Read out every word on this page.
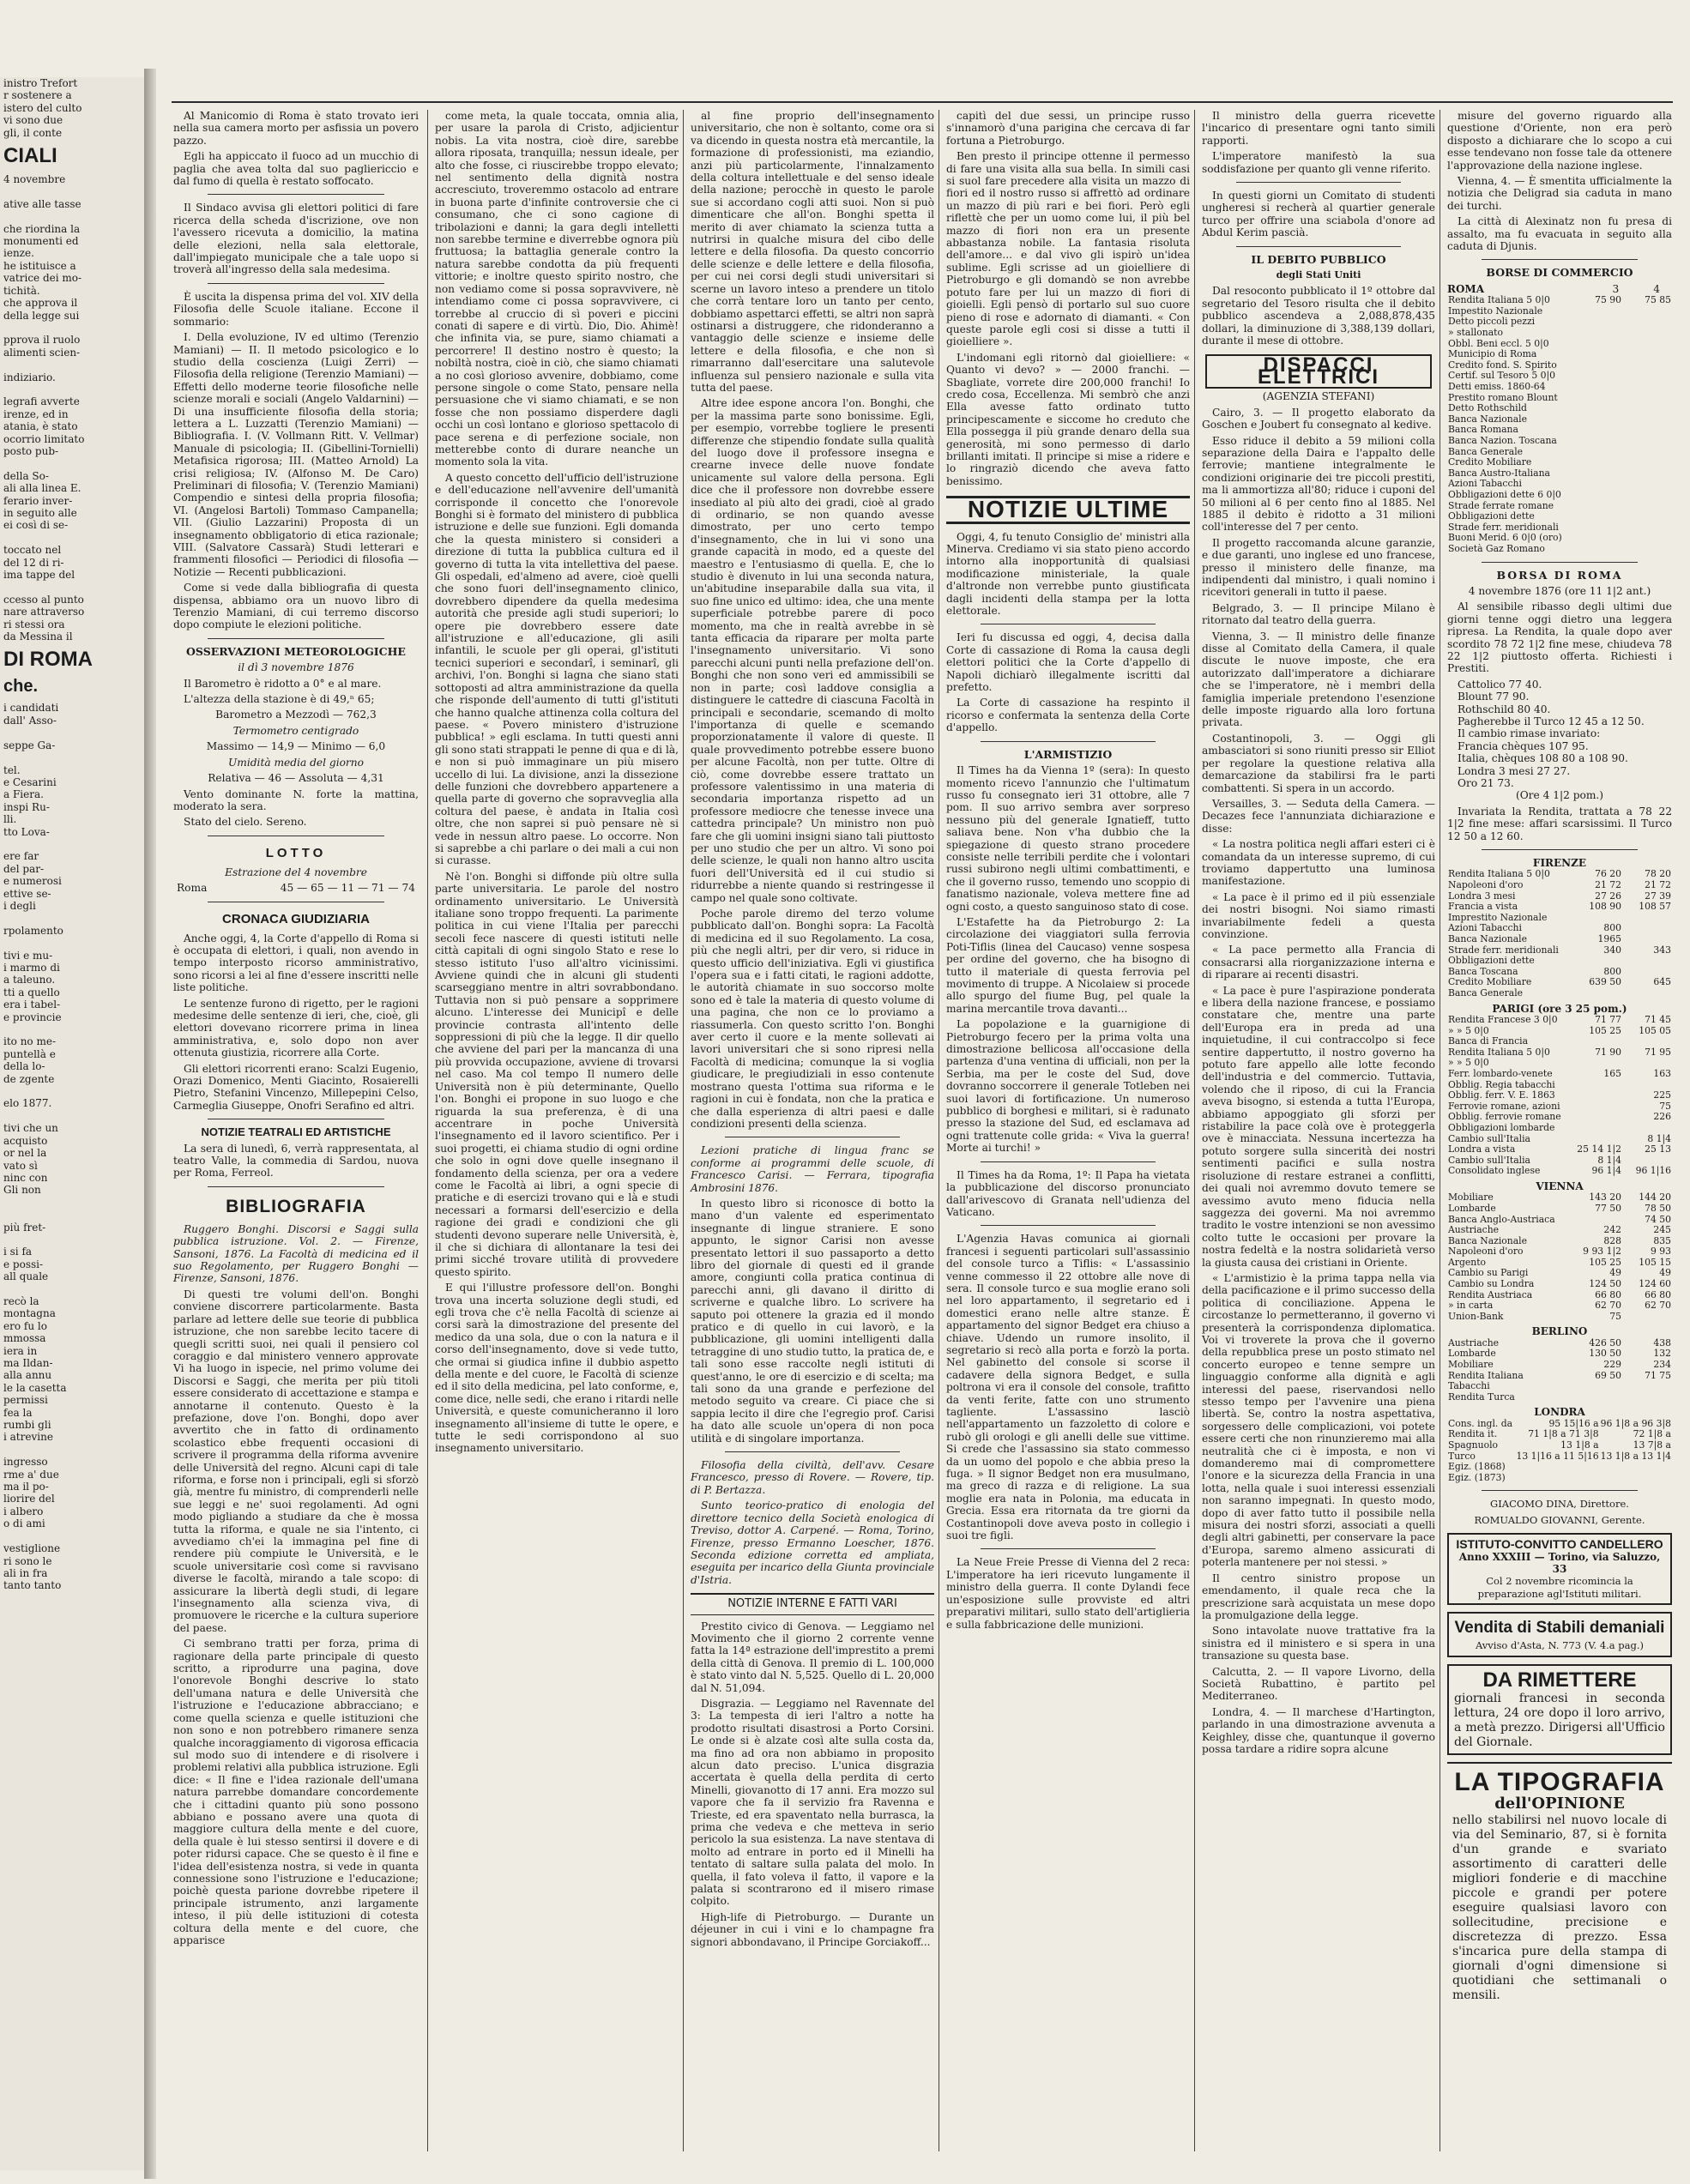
inistro Trefort
r sostenere a
istero del culto
vi sono due
gli, il conte
CIALI
4 novembre

ative alle tasse

che riordina la
monumenti ed
ienze.
he istituisce a
vatrice dei mo-
tichità.
che approva il
della legge sui

pprova il ruolo
alimenti scien-

indiziario.

legrafi avverte
irenze, ed in
atania, è stato
ocorrio limitato
posto pub-

della So-
ali alla linea E.
ferario inver-
in seguito alle
ei così di se-

toccato nel
del 12 di ri-
ima tappe del

ccesso al punto
nare attraverso
ri stessi ora
da Messina il
DI ROMA
che.
i candidati
dall' Asso-

seppe Ga-

tel.
e Cesarini
a Fiera.
inspi Ru-
lli.
tto Lova-

ere far
del par-
e numerosi
ettive se-
i degli

rpolamento

tivi e mu-
i marmo di
a taleuno.
tti a quello
era i tabel-
e provincie

ito no me-
puntellà e
della lo-
de zgente

elo 1877.

tivi che un
acquisto
or nel la
vato sì
ninc con
Gli non

più fret-

i si fa
e possi-
all quale

recò la
montagna
ero fu lo
mmossa
iera in
ma Ildan-
alla annu
le la casetta
permissi
fea la
rumbi gli
i atrevine

ingresso
rme a' due
ma il po-
liorire del
i albero
o di ami

vestiglione
ri sono le
ali in fra
tanto tanto

Al Manicomio di Roma è stato trovato ieri nella sua camera morto per asfissia un povero pazzo.

Egli ha appiccato il fuoco ad un mucchio di paglia che avea tolta dal suo pagliericcio e dal fumo di quella è restato soffocato.

Il Sindaco avvisa gli elettori politici di fare ricerca della scheda d'iscrizione, ove non l'avessero ricevuta a domicilio, la matina delle elezioni, nella sala elettorale, dall'impiegato municipale che a tale uopo si troverà all'ingresso della sala medesima.

È uscita la dispensa prima del vol. XIV della Filosofia delle Scuole italiane. Eccone il sommario:

I. Della evoluzione, IV ed ultimo (Terenzio Mamiani) — II. Il metodo psicologico e lo studio della coscienza (Luigi Zerri) — Filosofia della religione (Terenzio Mamiani) — Effetti dello moderne teorie filosofiche nelle scienze morali e sociali (Angelo Valdarnini) — Di una insufficiente filosofia della storia; lettera a L. Luzzatti (Terenzio Mamiani) — Bibliografia. I. (V. Vollmann Ritt. V. Vellmar) Manuale di psicologia; II. (Gibellini-Tornielli) Metafisica rigorosa; III. (Matteo Arnold) La crisi religiosa; IV. (Alfonso M. De Caro) Preliminari di filosofia; V. (Terenzio Mamiani) Compendio e sintesi della propria filosofia; VI. (Angelosi Bartoli) Tommaso Campanella; VII. (Giulio Lazzarini) Proposta di un insegnamento obbligatorio di etica razionale; VIII. (Salvatore Cassarà) Studi letterari e frammenti filosofici — Periodici di filosofia — Notizie — Recenti pubblicazioni.

Come si vede dalla bibliografia di questa dispensa, abbiamo ora un nuovo libro di Terenzio Mamiani, di cui terremo discorso dopo compiute le elezioni politiche.

OSSERVAZIONI METEOROLOGICHE

il dì 3 novembre 1876

Il Barometro è ridotto a 0° e al mare.

L'altezza della stazione è di 49,ⁿ 65;

Barometro a Mezzodì — 762,3

Termometro centigrado

Massimo — 14,9 — Minimo — 6,0

Umidità media del giorno

Relativa — 46 — Assoluta — 4,31

Vento dominante N. forte la mattina, moderato la sera.

Stato del cielo. Sereno.

LOTTO

Estrazione del 4 novembre

Roma	45 — 65 — 11 — 71 — 74
CRONACA GIUDIZIARIA

Anche oggi, 4, la Corte d'appello di Roma si è occupata di elettori, i quali, non avendo in tempo interposto ricorso amministrativo, sono ricorsi a lei al fine d'essere inscritti nelle liste politiche.

Le sentenze furono di rigetto, per le ragioni medesime delle sentenze di ieri, che, cioè, gli elettori dovevano ricorrere prima in linea amministrativa, e, solo dopo non aver ottenuta giustizia, ricorrere alla Corte.

Gli elettori ricorrenti erano: Scalzi Eugenio, Orazi Domenico, Menti Giacinto, Rosaierelli Pietro, Stefanini Vincenzo, Millepepini Celso, Carmeglia Giuseppe, Onofri Serafino ed altri.

NOTIZIE TEATRALI ED ARTISTICHE

La sera di lunedì, 6, verrà rappresentata, al teatro Valle, la commedia di Sardou, nuova per Roma, Ferreol.

BIBLIOGRAFIA

Ruggero Bonghi. Discorsi e Saggi sulla pubblica istruzione. Vol. 2. — Firenze, Sansoni, 1876. La Facoltà di medicina ed il suo Regolamento, per Ruggero Bonghi — Firenze, Sansoni, 1876.

Di questi tre volumi dell'on. Bonghi conviene discorrere particolarmente. Basta parlare ad lettere delle sue teorie di pubblica istruzione, che non sarebbe lecito tacere di quegli scritti suoi, nei quali il pensiero col coraggio e dal ministero vennero approvate Vi ha luogo in ispecie, nel primo volume dei Discorsi e Saggi, che merita per più titoli essere considerato di accettazione e stampa e annotarne il contenuto. Questo è la prefazione, dove l'on. Bonghi, dopo aver avvertito che in fatto di ordinamento scolastico ebbe frequenti occasioni di scrivere il programma della riforma avvenire delle Università del regno. Alcuni capi di tale riforma, e forse non i principali, egli si sforzò già, mentre fu ministro, di comprenderli nelle sue leggi e ne' suoi regolamenti. Ad ogni modo pigliando a studiare da che è mossa tutta la riforma, e quale ne sia l'intento, ci avvediamo ch'ei la immagina pel fine di rendere più compiute le Università, e le scuole universitarie così come si ravvisano diverse le facoltà, mirando a tale scopo: di assicurare la libertà degli studi, di legare l'insegnamento alla scienza viva, di promuovere le ricerche e la cultura superiore del paese.

Ci sembrano tratti per forza, prima di ragionare della parte principale di questo scritto, a riprodurre una pagina, dove l'onorevole Bonghi descrive lo stato dell'umana natura e delle Università che l'istruzione e l'educazione abbracciano; e come quella scienza e quelle istituzioni che non sono e non potrebbero rimanere senza qualche incoraggiamento di vigorosa efficacia sul modo suo di intendere e di risolvere i problemi relativi alla pubblica istruzione. Egli dice: « Il fine e l'idea razionale dell'umana natura parrebbe domandare concordemente che i cittadini quanto più sono possono abbiano e possano avere una quota di maggiore cultura della mente e del cuore, della quale è lui stesso sentirsi il dovere e di poter ridursi capace. Che se questo è il fine e l'idea dell'esistenza nostra, si vede in quanta connessione sono l'istruzione e l'educazione; poichè questa parione dovrebbe ripetere il principale istrumento, anzi largamente inteso, il più delle istituzioni di cotesta coltura della mente e del cuore, che apparisce

come meta, la quale toccata, omnia alia, per usare la parola di Cristo, adjicientur nobis. La vita nostra, cioè dire, sarebbe allora riposata, tranquilla; nessun ideale, per alto che fosse, ci riuscirebbe troppo elevato; nel sentimento della dignità nostra accresciuto, troveremmo ostacolo ad entrare in buona parte d'infinite controversie che ci consumano, che ci sono cagione di tribolazioni e danni; la gara degli intelletti non sarebbe termine e diverrebbe ognora più fruttuosa; la battaglia generale contro la natura sarebbe condotta da più frequenti vittorie; e inoltre questo spirito nostro, che non vediamo come si possa sopravvivere, nè intendiamo come ci possa sopravvivere, ci torrebbe al cruccio di sì poveri e piccini conati di sapere e di virtù. Dio, Dio. Ahimè! che infinita via, se pure, siamo chiamati a percorrere! Il destino nostro è questo; la nobiltà nostra, cioè in ciò, che siamo chiamati a no così glorioso avvenire, dobbiamo, come persone singole o come Stato, pensare nella persuasione che vi siamo chiamati, e se non fosse che non possiamo disperdere dagli occhi un così lontano e glorioso spettacolo di pace serena e di perfezione sociale, non metterebbe conto di durare neanche un momento sola la vita.

A questo concetto dell'ufficio dell'istruzione e dell'educazione nell'avvenire dell'umanità corrisponde il concetto che l'onorevole Bonghi si è formato del ministero di pubblica istruzione e delle sue funzioni. Egli domanda che la questa ministero si consideri a direzione di tutta la pubblica cultura ed il governo di tutta la vita intellettiva del paese. Gli ospedali, ed'almeno ad avere, cioè quelli che sono fuori dell'insegnamento clinico, dovrebbero dipendere da quella medesima autorità che preside agli studi superiori; lo opere pie dovrebbero essere date all'istruzione e all'educazione, gli asili infantili, le scuole per gli operai, gl'istituti tecnici superiori e secondarî, i seminarî, gli archivi, l'on. Bonghi si lagna che siano stati sottoposti ad altra amministrazione da quella che risponde dell'aumento di tutti gl'istituti che hanno qualche attinenza colla coltura del paese. « Povero ministero d'istruzione pubblica! » egli esclama. In tutti questi anni gli sono stati strappati le penne di qua e di là, e non si può immaginare un più misero uccello di lui. La divisione, anzi la dissezione delle funzioni che dovrebbero appartenere a quella parte di governo che sopravveglia alla coltura del paese, è andata in Italia così oltre, che non saprei si può pensare nè si vede in nessun altro paese. Lo occorre. Non si saprebbe a chi parlare o dei mali a cui non si curasse.

Nè l'on. Bonghi si diffonde più oltre sulla parte universitaria. Le parole del nostro ordinamento universitario. Le Università italiane sono troppo frequenti. La parimente politica in cui viene l'Italia per parecchi secoli fece nascere di questi istituti nelle città capitali di ogni singolo Stato e rese lo stesso istituto l'uso all'altro vicinissimi. Avviene quindi che in alcuni gli studenti scarseggiano mentre in altri sovrabbondano. Tuttavia non si può pensare a sopprimere alcuno. L'interesse dei Municipî e delle provincie contrasta all'intento delle soppressioni di più che la legge. Il dir quello che avviene del pari per la mancanza di una più provvida occupazione, avviene di trovarsi nel caso. Ma col tempo Il numero delle Università non è più determinante, Quello l'on. Bonghi ei propone in suo luogo e che riguarda la sua preferenza, è di una accentrare in poche Università l'insegnamento ed il lavoro scientifico. Per i suoi progetti, ei chiama studio di ogni ordine che solo in ogni dove quelle insegnano il fondamento della scienza, per ora a vedere come le Facoltà ai libri, a ogni specie di pratiche e di esercizi trovano qui e là e studi necessari a formarsi dell'esercizio e della ragione dei gradi e condizioni che gli studenti devono superare nelle Università, è, il che si dichiara di allontanare la tesi dei primi sicché trovare utilità di provvedere questo spirito.

E qui l'illustre professore dell'on. Bonghi trova una incerta soluzione degli studi, ed egli trova che c'è nella Facoltà di scienze ai corsi sarà la dimostrazione del presente del medico da una sola, due o con la natura e il corso dell'insegnamento, dove si vede tutto, che ormai si giudica infine il dubbio aspetto della mente e del cuore, le Facoltà di scienze ed il sito della medicina, pel lato conforme, e, come dice, nelle sedi, che erano i ritardi nelle Università, e queste comunicheranno il loro insegnamento all'insieme di tutte le opere, e tutte le sedi corrispondono al suo insegnamento universitario.

al fine proprio dell'insegnamento universitario, che non è soltanto, come ora si va dicendo in questa nostra età mercantile, la formazione di professionisti, ma eziandio, anzi più particolarmente, l'innalzamento della coltura intellettuale e del senso ideale della nazione; perocchè in questo le parole sue si accordano cogli atti suoi. Non si può dimenticare che all'on. Bonghi spetta il merito di aver chiamato la scienza tutta a nutrirsi in qualche misura del cibo delle lettere e della filosofia. Da questo concorrio delle scienze e delle lettere e della filosofia, per cui nei corsi degli studi universitari si scerne un lavoro inteso a prendere un titolo che corrà tentare loro un tanto per cento, dobbiamo aspettarci effetti, se altri non saprà ostinarsi a distruggere, che ridonderanno a vantaggio delle scienze e insieme delle lettere e della filosofia, e che non sì rimarranno dall'esercitare una salutevole influenza sul pensiero nazionale e sulla vita tutta del paese.

Altre idee espone ancora l'on. Bonghi, che per la massima parte sono bonissime. Egli, per esempio, vorrebbe togliere le presenti differenze che stipendio fondate sulla qualità del luogo dove il professore insegna e crearne invece delle nuove fondate unicamente sul valore della persona. Egli dice che il professore non dovrebbe essere insediato al più alto dei gradi, cioè al grado di ordinario, se non quando avesse dimostrato, per uno certo tempo d'insegnamento, che in lui vi sono una grande capacità in modo, ed a queste del maestro e l'entusiasmo di quella. E, che lo studio è divenuto in lui una seconda natura, un'abitudine inseparabile dalla sua vita, il suo fine unico ed ultimo: idea, che una mente superficiale potrebbe parere di poco momento, ma che in realtà avrebbe in sè tanta efficacia da riparare per molta parte l'insegnamento universitario. Vi sono parecchi alcuni punti nella prefazione dell'on. Bonghi che non sono veri ed ammissibili se non in parte; così laddove consiglia a distinguere le cattedre di ciascuna Facoltà in principali e secondarie, scemando di molto l'importanza di quelle e scemando proporzionatamente il valore di queste. Il quale provvedimento potrebbe essere buono per alcune Facoltà, non per tutte. Oltre di ciò, come dovrebbe essere trattato un professore valentissimo in una materia di secondaria importanza rispetto ad un professore mediocre che tenesse invece una cattedra principale? Un ministro non può fare che gli uomini insigni siano tali piuttosto per uno studio che per un altro. Vi sono poi delle scienze, le quali non hanno altro uscita fuori dell'Università ed il cui studio si ridurrebbe a niente quando si restringesse il campo nel quale sono coltivate.

Poche parole diremo del terzo volume pubblicato dall'on. Bonghi sopra: La Facoltà di medicina ed il suo Regolamento. La cosa, più che negli altri, per dir vero, si riduce in questo ufficio dell'iniziativa. Egli vi giustifica l'opera sua e i fatti citati, le ragioni addotte, le autorità chiamate in suo soccorso molte sono ed è tale la materia di questo volume di una pagina, che non ce lo proviamo a riassumerla. Con questo scritto l'on. Bonghi aver certo il cuore e la mente sollevati ai lavori universitari che si sono ripresi nella Facoltà di medicina; comunque la si voglia giudicare, le pregiudiziali in esso contenute mostrano questa l'ottima sua riforma e le ragioni in cui è fondata, non che la pratica e che dalla esperienza di altri paesi e dalle condizioni presenti della scienza.

Lezioni pratiche di lingua franc se conforme ai programmi delle scuole, di Francesco Carisi. — Ferrara, tipografia Ambrosini 1876.

In questo libro si riconosce di botto la mano d'un valente ed esperimentato insegnante di lingue straniere. E sono appunto, le signor Carisi non avesse presentato lettori il suo passaporto a detto libro del giornale di questi ed il grande amore, congiunti colla pratica continua di parecchi anni, gli davano il diritto di scriverne e qualche libro. Lo scrivere ha saputo poi ottenere la grazia ed il mondo pratico e di quello in cui lavorò, e la pubblicazione, gli uomini intelligenti dalla tetraggine di uno studio tutto, la pratica de, e tali sono esse raccolte negli istituti di quest'anno, le ore di esercizio e di scelta; ma tali sono da una grande e perfezione del metodo seguito va creare. Ci piace che si sappia lecito il dire che l'egregio prof. Carisi ha dato alle scuole un'opera di non poca utilità e di singolare importanza.

Filosofia della civiltà, dell'avv. Cesare Francesco, presso di Rovere. — Rovere, tip. di P. Bertazza.

Sunto teorico-pratico di enologia del direttore tecnico della Società enologica di Treviso, dottor A. Carpené. — Roma, Torino, Firenze, presso Ermanno Loescher, 1876. Seconda edizione corretta ed ampliata, eseguita per incarico della Giunta provinciale d'Istria.

NOTIZIE INTERNE E FATTI VARI

Prestito civico di Genova. — Leggiamo nel Movimento che il giorno 2 corrente venne fatta la 14ª estrazione dell'imprestito a premi della città di Genova. Il premio di L. 100,000 è stato vinto dal N. 5,525. Quello di L. 20,000 dal N. 51,094.

Disgrazia. — Leggiamo nel Ravennate del 3: La tempesta di ieri l'altro a notte ha prodotto risultati disastrosi a Porto Corsini. Le onde si è alzate così alte sulla costa da, ma fino ad ora non abbiamo in proposito alcun dato preciso. L'unica disgrazia accertata è quella della perdita di certo Minelli, giovanotto di 17 anni. Era mozzo sul vapore che fa il servizio fra Ravenna e Trieste, ed era spaventato nella burrasca, la prima che vedeva e che metteva in serio pericolo la sua esistenza. La nave stentava di molto ad entrare in porto ed il Minelli ha tentato di saltare sulla palata del molo. In quella, il fato voleva il fatto, il vapore e la palata si scontrarono ed il misero rimase colpito.

High-life di Pietroburgo. — Durante un déjeuner in cui i vini e lo champagne fra signori abbondavano, il Principe Gorciakoff...

capitì del due sessi, un principe russo s'innamorò d'una parigina che cercava di far fortuna a Pietroburgo.

Ben presto il principe ottenne il permesso di fare una visita alla sua bella. In simili casi si suol fare precedere alla visita un mazzo di fiori ed il nostro russo si affrettò ad ordinare un mazzo di più rari e bei fiori. Però egli riflettè che per un uomo come lui, il più bel mazzo di fiori non era un presente abbastanza nobile. La fantasia risoluta dell'amore... e dal vivo gli ispirò un'idea sublime. Egli scrisse ad un gioielliere di Pietroburgo e gli domandò se non avrebbe potuto fare per lui un mazzo di fiori di gioielli. Egli pensò di portarlo sul suo cuore pieno di rose e adornato di diamanti. « Con queste parole egli cosi si disse a tutti il gioielliere ».

L'indomani egli ritornò dal gioielliere: « Quanto vi devo? » — 2000 franchi. — Sbagliate, vorrete dire 200,000 franchi! Io credo cosa, Eccellenza. Mi sembrò che anzi Ella avesse fatto ordinato tutto principescamente e siccome ho creduto che Ella possegga il più grande denaro della sua generosità, mi sono permesso di darlo brillanti imitati. Il principe si mise a ridere e lo ringraziò dicendo che aveva fatto benissimo.

NOTIZIE ULTIME

Oggi, 4, fu tenuto Consiglio de' ministri alla Minerva. Crediamo vi sia stato pieno accordo intorno alla inopportunità di qualsiasi modificazione ministeriale, la quale d'altronde non verrebbe punto giustificata dagli incidenti della stampa per la lotta elettorale.

Ieri fu discussa ed oggi, 4, decisa dalla Corte di cassazione di Roma la causa degli elettori politici che la Corte d'appello di Napoli dichiarò illegalmente iscritti dal prefetto.

La Corte di cassazione ha respinto il ricorso e confermata la sentenza della Corte d'appello.

L'ARMISTIZIO

Il Times ha da Vienna 1º (sera): In questo momento ricevo l'annunzio che l'ultimatum russo fu consegnato ieri 31 ottobre, alle 7 pom. Il suo arrivo sembra aver sorpreso nessuno più del generale Ignatieff, tutto saliava bene. Non v'ha dubbio che la spiegazione di questo strano procedere consiste nelle terribili perdite che i volontari russi subirono negli ultimi combattimenti, e che il governo russo, temendo uno scoppio di fanatismo nazionale, voleva mettere fine ad ogni costo, a questo sanguinoso stato di cose.

L'Estafette ha da Pietroburgo 2: La circolazione dei viaggiatori sulla ferrovia Poti-Tiflis (linea del Caucaso) venne sospesa per ordine del governo, che ha bisogno di tutto il materiale di questa ferrovia pel movimento di truppe. A Nicolaiew si procede allo spurgo del fiume Bug, pel quale la marina mercantile trova davanti...

La popolazione e la guarnigione di Pietroburgo fecero per la prima volta una dimostrazione bellicosa all'occasione della partenza d'una ventina di ufficiali, non per la Serbia, ma per le coste del Sud, dove dovranno soccorrere il generale Totleben nei suoi lavori di fortificazione. Un numeroso pubblico di borghesi e militari, si è radunato presso la stazione del Sud, ed esclamava ad ogni trattenute colle grida: « Viva la guerra! Morte ai turchi! »

Il Times ha da Roma, 1º: Il Papa ha vietata la pubblicazione del discorso pronunciato dall'arivescovo di Granata nell'udienza del Vaticano.

L'Agenzia Havas comunica ai giornali francesi i seguenti particolari sull'assassinio del console turco a Tiflis: « L'assassinio venne commesso il 22 ottobre alle nove di sera. Il console turco e sua moglie erano soli nel loro appartamento, il segretario ed i domestici erano nelle altre stanze. È appartamento del signor Bedget era chiuso a chiave. Udendo un rumore insolito, il segretario si recò alla porta e forzò la porta. Nel gabinetto del console si scorse il cadavere della signora Bedget, e sulla poltrona vi era il console del console, trafitto da venti ferite, fatte con uno strumento tagliente. L'assassino lasciò nell'appartamento un fazzoletto di colore e rubò gli orologi e gli anelli delle sue vittime. Si crede che l'assassino sia stato commesso da un uomo del popolo e che abbia preso la fuga. » Il signor Bedget non era musulmano, ma greco di razza e di religione. La sua moglie era nata in Polonia, ma educata in Grecia. Essa era ritornata da tre giorni da Costantinopoli dove aveva posto in collegio i suoi tre figli.

La Neue Freie Presse di Vienna del 2 reca: L'imperatore ha ieri ricevuto lungamente il ministro della guerra. Il conte Dylandi fece un'esposizione sulle provviste ed altri preparativi militari, sullo stato dell'artiglieria e sulla fabbricazione delle munizioni.

Il ministro della guerra ricevette l'incarico di presentare ogni tanto simili rapporti.

L'imperatore manifestò la sua soddisfazione per quanto gli venne riferito.

In questi giorni un Comitato di studenti ungheresi si recherà al quartier generale turco per offrire una sciabola d'onore ad Abdul Kerim pascià.

IL DEBITO PUBBLICO

degli Stati Uniti

Dal resoconto pubblicato il 1º ottobre dal segretario del Tesoro risulta che il debito pubblico ascendeva a 2,088,878,435 dollari, la diminuzione di 3,388,139 dollari, durante il mese di ottobre.

DISPACCI ELETTRICI

(AGENZIA STEFANI)

Cairo, 3. — Il progetto elaborato da Goschen e Joubert fu consegnato al kedive.

Esso riduce il debito a 59 milioni colla separazione della Daira e l'appalto delle ferrovie; mantiene integralmente le condizioni originarie dei tre piccoli prestiti, ma li ammortizza all'80; riduce i cuponi del 50 milioni al 6 per cento fino al 1885. Nel 1885 il debito è ridotto a 31 milioni coll'interesse del 7 per cento.

Il progetto raccomanda alcune garanzie, e due garanti, uno inglese ed uno francese, presso il ministero delle finanze, ma indipendenti dal ministro, i quali nomino i ricevitori generali in tutto il paese.

Belgrado, 3. — Il principe Milano è ritornato dal teatro della guerra.

Vienna, 3. — Il ministro delle finanze disse al Comitato della Camera, il quale discute le nuove imposte, che era autorizzato dall'imperatore a dichiarare che se l'imperatore, nè i membri della famiglia imperiale pretendono l'esenzione delle imposte riguardo alla loro fortuna privata.

Costantinopoli, 3. — Oggi gli ambasciatori si sono riuniti presso sir Elliot per regolare la questione relativa alla demarcazione da stabilirsi fra le parti combattenti. Si spera in un accordo.

Versailles, 3. — Seduta della Camera. — Decazes fece l'annunziata dichiarazione e disse:

« La nostra politica negli affari esteri ci è comandata da un interesse supremo, di cui troviamo dappertutto una luminosa manifestazione.

« La pace è il primo ed il più essenziale dei nostri bisogni. Noi siamo rimasti invariabilmente fedeli a questa convinzione.

« La pace permetto alla Francia di consacrarsi alla riorganizzazione interna e di riparare ai recenti disastri.

« La pace è pure l'aspirazione ponderata e libera della nazione francese, e possiamo constatare che, mentre una parte dell'Europa era in preda ad una inquietudine, il cui contraccolpo si fece sentire dappertutto, il nostro governo ha potuto fare appello alle lotte fecondo dell'industria e del commercio. Tuttavia, volendo che il riposo, di cui la Francia aveva bisogno, si estenda a tutta l'Europa, abbiamo appoggiato gli sforzi per ristabilire la pace colà ove è proteggerla ove è minacciata. Nessuna incertezza ha potuto sorgere sulla sincerità dei nostri sentimenti pacifici e sulla nostra risoluzione di restare estranei a conflitti, dei quali noi avremmo dovuto temere se avessimo avuto meno fiducia nella saggezza dei governi. Ma noi avremmo tradito le vostre intenzioni se non avessimo colto tutte le occasioni per provare la nostra fedeltà e la nostra solidarietà verso la giusta causa dei cristiani in Oriente.

« L'armistizio è la prima tappa nella via della pacificazione e il primo successo della politica di conciliazione. Appena le circostanze lo permetteranno, il governo vi presenterà la corrispondenza diplomatica. Voi vi troverete la prova che il governo della repubblica prese un posto stimato nel concerto europeo e tenne sempre un linguaggio conforme alla dignità e agli interessi del paese, riservandosi nello stesso tempo per l'avvenire una piena libertà. Se, contro la nostra aspettativa, sorgessero delle complicazioni, voi potete essere certi che non rinunzieremo mai alla neutralità che ci è imposta, e non vi domanderemo mai di compromettere l'onore e la sicurezza della Francia in una lotta, nella quale i suoi interessi essenziali non saranno impegnati. In questo modo, dopo di aver fatto tutto il possibile nella misura dei nostri sforzi, associati a quelli degli altri gabinetti, per conservare la pace d'Europa, saremo almeno assicurati di poterla mantenere per noi stessi. »

Il centro sinistro propose un emendamento, il quale reca che la prescrizione sarà acquistata un mese dopo la promulgazione della legge.

Sono intavolate nuove trattative fra la sinistra ed il ministero e si spera in una transazione su questa base.

Calcutta, 2. — Il vapore Livorno, della Società Rubattino, è partito pel Mediterraneo.

Londra, 4. — Il marchese d'Hartington, parlando in una dimostrazione avvenuta a Keighley, disse che, quantunque il governo possa tardare a ridire sopra alcune

misure del governo riguardo alla questione d'Oriente, non era però disposto a dichiarare che lo scopo a cui esse tendevano non fosse tale da ottenere l'approvazione della nazione inglese.

Vienna, 4. — È smentita ufficialmente la notizia che Deligrad sia caduta in mano dei turchi.

La città di Alexinatz non fu presa di assalto, ma fu evacuata in seguito alla caduta di Djunis.

BORSE DI COMMERCIO
ROMA	3	4
Rendita Italiana 5 0|0	75 90	75 85
Impestito Nazionale		
Detto piccoli pezzi		
» stallonato		
Obbl. Beni eccl. 5 0|0		
Municipio di Roma		
Credito fond. S. Spirito		
Certif. sul Tesoro 5 0|0		
Detti emiss. 1860-64		
Prestito romano Blount		
Detto Rothschild		
Banca Nazionale		
Banca Romana		
Banca Nazion. Toscana		
Banca Generale		
Credito Mobiliare		
Banca Austro-Italiana		
Azioni Tabacchi		
Obbligazioni dette 6 0|0		
Strade ferrate romane		
Obbligazioni dette		
Strade ferr. meridionali		
Buoni Merid. 6 0|0 (oro)		
Società Gaz Romano		
BORSA DI ROMA

4 novembre 1876 (ore 11 1|2 ant.)

Al sensibile ribasso degli ultimi due giorni tenne oggi dietro una leggera ripresa. La Rendita, la quale dopo aver scordito 78 72 1|2 fine mese, chiudeva 78 22 1|2 piuttosto offerta. Richiesti i Prestiti.

Cattolico 77 40.

Blount 77 90.

Rothschild 80 40.

Pagherebbe il Turco 12 45 a 12 50.

Il cambio rimase invariato:

Francia chèques 107 95.

Italia, chèques 108 80 a 108 90.

Londra 3 mesi 27 27.

Oro 21 73.

(Ore 4 1|2 pom.)

Invariata la Rendita, trattata a 78 22 1|2 fine mese: affari scarsissimi. Il Turco 12 50 a 12 60.

FIRENZE
Rendita Italiana 5 0|0	76 20	78 20
Napoleoni d'oro	21 72	21 72
Londra 3 mesi	27 26	27 39
Francia a vista	108 90	108 57
Imprestito Nazionale		
Azioni Tabacchi	800	
Banca Nazionale	1965	
Strade ferr. meridionali	340	343
Obbligazioni dette		
Banca Toscana	800	
Credito Mobiliare	639 50	645
Banca Generale		
PARIGI (ore 3 25 pom.)
Rendita Francese 3 0|0	71 77	71 45
» » 5 0|0	105 25	105 05
Banca di Francia		
Rendita Italiana 5 0|0	71 90	71 95
» » 5 0|0		
Ferr. lombardo-venete	165	163
Obblig. Regia tabacchi		
Obblig. ferr. V. E. 1863		225
Ferrovie romane, azioni		75
Obblig. ferrovie romane		226
Obbligazioni lombarde		
Cambio sull'Italia		8 1|4
Londra a vista	25 14 1|2	25 13
Cambio sull'Italia	8 1|4	
Consolidato inglese	96 1|4	96 1|16
VIENNA
Mobiliare	143 20	144 20
Lombarde	77 50	78 50
Banca Anglo-Austriaca		74 50
Austriache	242	245
Banca Nazionale	828	835
Napoleoni d'oro	9 93 1|2	9 93
Argento	105 25	105 15
Cambio su Parigi	49	49
Cambio su Londra	124 50	124 60
Rendita Austriaca	66 80	66 80
» in carta	62 70	62 70
Union-Bank	75	
BERLINO
Austriache	426 50	438
Lombarde	130 50	132
Mobiliare	229	234
Rendita Italiana	69 50	71 75
Tabacchi		
Rendita Turca		
LONDRA
Cons. ingl. da	95 15|16 a	96 1|8 a 96 3|8
Rendita it.	71 1|8 a 71 3|8	72 1|8 a
Spagnuolo	13 1|8 a	13 7|8 a
Turco	13 1|16 a 11 5|16	13 1|8 a 13 1|4
Egiz. (1868)		
Egiz. (1873)		

GIACOMO DINA, Direttore.

ROMUALDO GIOVANNI, Gerente.

ISTITUTO-CONVITTO CANDELLERO
Anno XXXIII — Torino, via Saluzzo, 33
Col 2 novembre ricomincia la preparazione agl'Istituti militari.
Vendita di Stabili demaniali
Avviso d'Asta, N. 773 (V. 4.a pag.)
DA RIMETTERE
giornali francesi in seconda lettura, 24 ore dopo il loro arrivo, a metà prezzo. Dirigersi all'Ufficio del Giornale.
LA TIPOGRAFIA
dell'OPINIONE
nello stabilirsi nel nuovo locale di via del Seminario, 87, si è fornita d'un grande e svariato assortimento di caratteri delle migliori fonderie e di macchine piccole e grandi per potere eseguire qualsiasi lavoro con sollecitudine, precisione e discretezza di prezzo. Essa s'incarica pure della stampa di giornali d'ogni dimensione si quotidiani che settimanali o mensili.
